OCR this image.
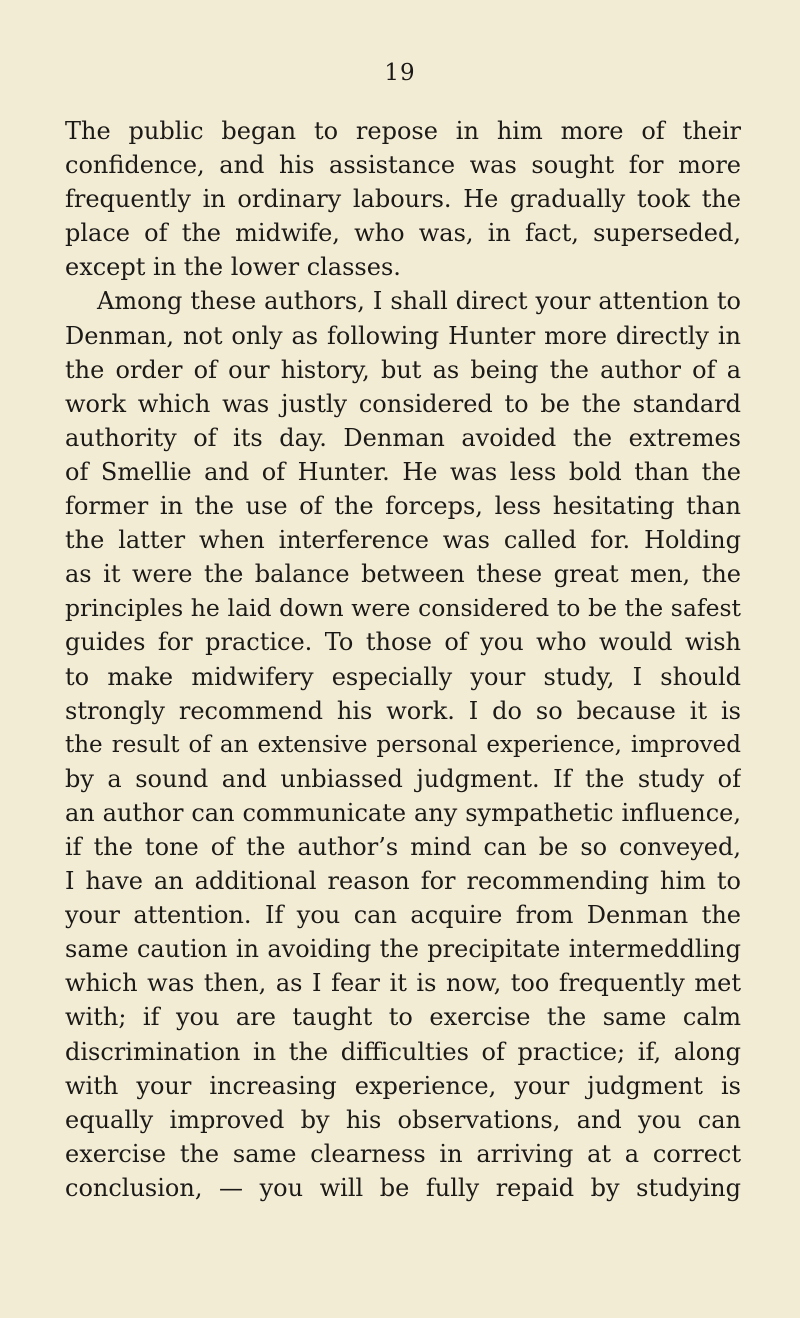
19
The public began to repose in him more of their
confidence, and his assistance was sought for more
frequently in ordinary labours. He gradually took the
place of the midwife, who was, in fact, superseded,
except in the lower classes.
Among these authors, I shall direct your attention to
Denman, not only as following Hunter more directly in
the order of our history, but as being the author of a
work which was justly considered to be the standard
authority of its day. Denman avoided the extremes
of Smellie and of Hunter. He was less bold than the
former in the use of the forceps, less hesitating than
the latter when interference was called for. Holding
as it were the balance between these great men, the
principles he laid down were considered to be the safest
guides for practice. To those of you who would wish
to make midwifery especially your study, I should
strongly recommend his work. I do so because it is
the result of an extensive personal experience, improved
by a sound and unbiassed judgment. If the study of
an author can communicate any sympathetic influence,
if the tone of the author’s mind can be so conveyed,
I have an additional reason for recommending him to
your attention. If you can acquire from Denman the
same caution in avoiding the precipitate intermeddling
which was then, as I fear it is now, too frequently met
with; if you are taught to exercise the same calm
discrimination in the difficulties of practice; if, along
with your increasing experience, your judgment is
equally improved by his observations, and you can
exercise the same clearness in arriving at a correct
conclusion, — you will be fully repaid by studying
